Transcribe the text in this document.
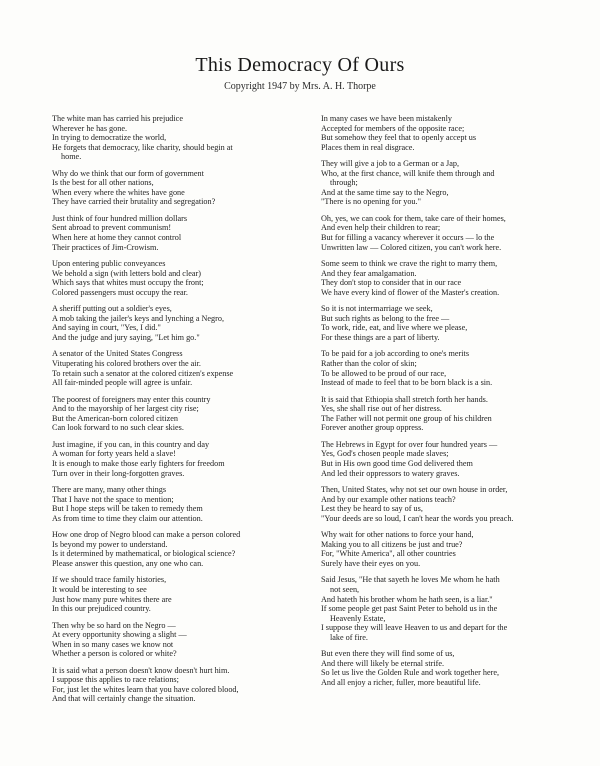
This Democracy Of Ours
Copyright 1947 by Mrs. A. H. Thorpe
The white man has carried his prejudice
Wherever he has gone.
In trying to democratize the world,
He forgets that democracy, like charity, should begin at
home.
Why do we think that our form of government
Is the best for all other nations,
When every where the whites have gone
They have carried their brutality and segregation?
Just think of four hundred million dollars
Sent abroad to prevent communism!
When here at home they cannot control
Their practices of Jim-Crowism.
Upon entering public conveyances
We behold a sign (with letters bold and clear)
Which says that whites must occupy the front;
Colored passengers must occupy the rear.
A sheriff putting out a soldier's eyes,
A mob taking the jailer's keys and lynching a Negro,
And saying in court, "Yes, I did."
And the judge and jury saying, "Let him go."
A senator of the United States Congress
Vituperating his colored brothers over the air.
To retain such a senator at the colored citizen's expense
All fair-minded people will agree is unfair.
The poorest of foreigners may enter this country
And to the mayorship of her largest city rise;
But the American-born colored citizen
Can look forward to no such clear skies.
Just imagine, if you can, in this country and day
A woman for forty years held a slave!
It is enough to make those early fighters for freedom
Turn over in their long-forgotten graves.
There are many, many other things
That I have not the space to mention;
But I hope steps will be taken to remedy them
As from time to time they claim our attention.
How one drop of Negro blood can make a person colored
Is beyond my power to understand.
Is it determined by mathematical, or biological science?
Please answer this question, any one who can.
If we should trace family histories,
It would be interesting to see
Just how many pure whites there are
In this our prejudiced country.
Then why be so hard on the Negro —
At every opportunity showing a slight —
When in so many cases we know not
Whether a person is colored or white?
It is said what a person doesn't know doesn't hurt him.
I suppose this applies to race relations;
For, just let the whites learn that you have colored blood,
And that will certainly change the situation.
In many cases we have been mistakenly
Accepted for members of the opposite race;
But somehow they feel that to openly accept us
Places them in real disgrace.
They will give a job to a German or a Jap,
Who, at the first chance, will knife them through and
through;
And at the same time say to the Negro,
"There is no opening for you."
Oh, yes, we can cook for them, take care of their homes,
And even help their children to rear;
But for filling a vacancy wherever it occurs — lo the
Unwritten law — Colored citizen, you can't work here.
Some seem to think we crave the right to marry them,
And they fear amalgamation.
They don't stop to consider that in our race
We have every kind of flower of the Master's creation.
So it is not intermarriage we seek,
But such rights as belong to the free —
To work, ride, eat, and live where we please,
For these things are a part of liberty.
To be paid for a job according to one's merits
Rather than the color of skin;
To be allowed to be proud of our race,
Instead of made to feel that to be born black is a sin.
It is said that Ethiopia shall stretch forth her hands.
Yes, she shall rise out of her distress.
The Father will not permit one group of his children
Forever another group oppress.
The Hebrews in Egypt for over four hundred years —
Yes, God's chosen people made slaves;
But in His own good time God delivered them
And led their oppressors to watery graves.
Then, United States, why not set our own house in order,
And by our example other nations teach?
Lest they be heard to say of us,
"Your deeds are so loud, I can't hear the words you preach.
Why wait for other nations to force your hand,
Making you to all citizens be just and true?
For, "White America", all other countries
Surely have their eyes on you.
Said Jesus, "He that sayeth he loves Me whom he hath
not seen,
And hateth his brother whom he hath seen, is a liar."
If some people get past Saint Peter to behold us in the
Heavenly Estate,
I suppose they will leave Heaven to us and depart for the
lake of fire.
But even there they will find some of us,
And there will likely be eternal strife.
So let us live the Golden Rule and work together here,
And all enjoy a richer, fuller, more beautiful life.
